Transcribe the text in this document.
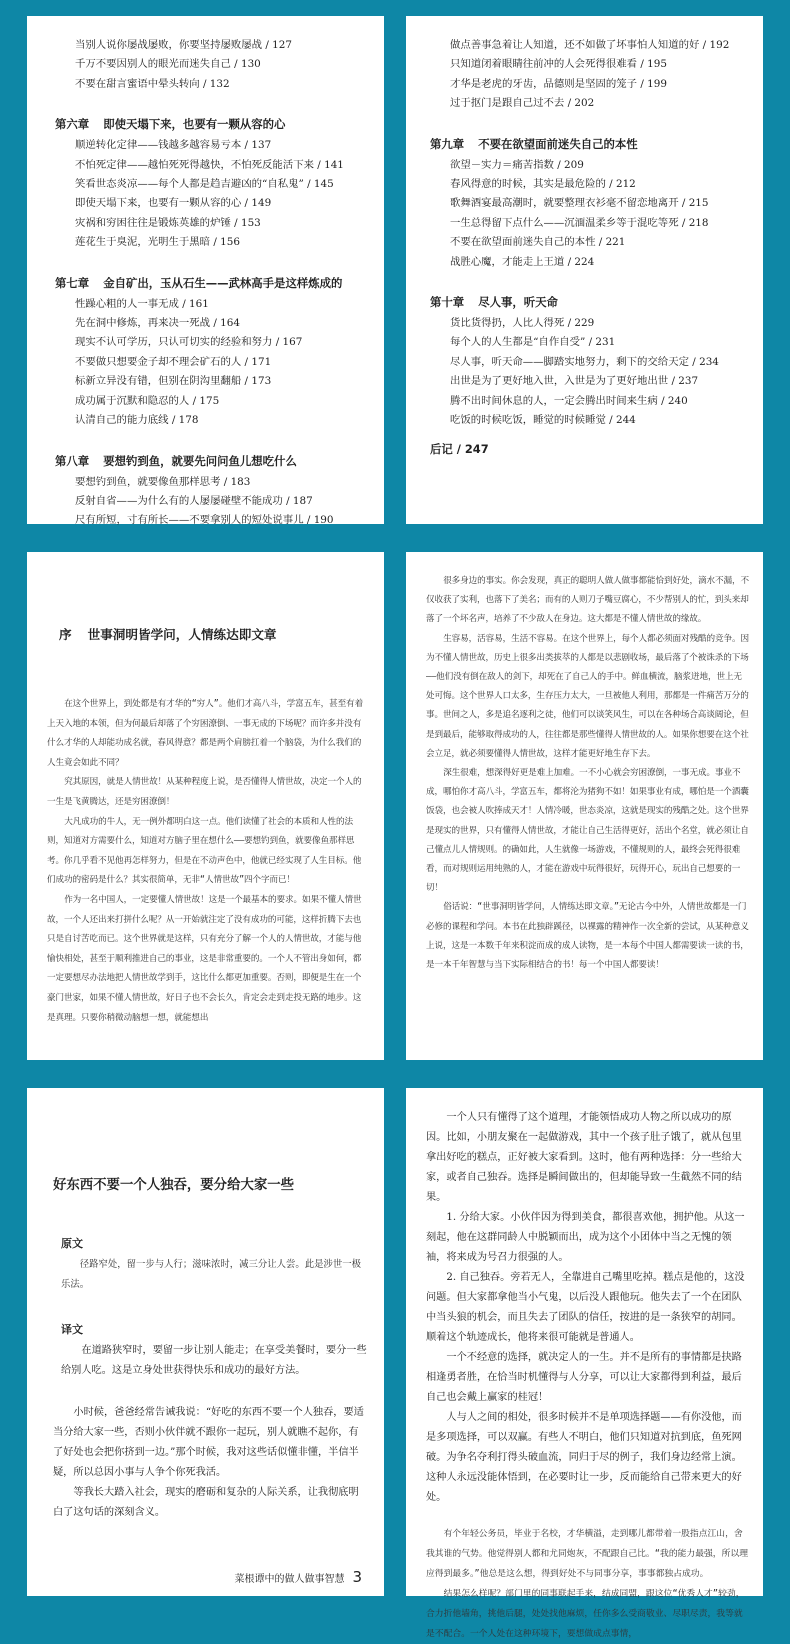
当别人说你屡战屡败，你要坚持屡败屡战 / 127
千万不要因别人的眼光而迷失自己 / 130
不要在甜言蜜语中晕头转向 / 132
第六章 即使天塌下来，也要有一颗从容的心
顺逆转化定律——钱越多越容易亏本 / 137
不怕死定律——越怕死死得越快，不怕死反能活下来 / 141
笑看世态炎凉——每个人都是趋吉避凶的“自私鬼” / 145
即使天塌下来，也要有一颗从容的心 / 149
灾祸和穷困往往是锻炼英雄的炉锤 / 153
莲花生于臭泥，光明生于黑暗 / 156
第七章 金自矿出，玉从石生——武林高手是这样炼成的
性躁心粗的人一事无成 / 161
先在洞中修炼，再来决一死战 / 164
现实不认可学历，只认可切实的经验和努力 / 167
不要做只想要金子却不理会矿石的人 / 171
标新立异没有错，但别在阴沟里翻船 / 173
成功属于沉默和隐忍的人 / 175
认清自己的能力底线 / 178
第八章 要想钓到鱼，就要先问问鱼儿想吃什么
要想钓到鱼，就要像鱼那样思考 / 183
反射自省——为什么有的人屡屡碰壁不能成功 / 187
尺有所短，寸有所长——不要拿别人的短处说事儿 / 190
做点善事急着让人知道，还不如做了坏事怕人知道的好 / 192
只知道闭着眼睛往前冲的人会死得很难看 / 195
才华是老虎的牙齿，品德则是坚固的笼子 / 199
过于抠门是跟自己过不去 / 202
第九章 不要在欲望面前迷失自己的本性
欲望－实力＝痛苦指数 / 209
春风得意的时候，其实是最危险的 / 212
歌舞酒宴最高潮时，就要整理衣衫毫不留恋地离开 / 215
一生总得留下点什么——沉湎温柔乡等于混吃等死 / 218
不要在欲望面前迷失自己的本性 / 221
战胜心魔，才能走上王道 / 224
第十章 尽人事，听天命
货比货得扔，人比人得死 / 229
每个人的人生都是“自作自受” / 231
尽人事，听天命——脚踏实地努力，剩下的交给天定 / 234
出世是为了更好地入世，入世是为了更好地出世 / 237
腾不出时间休息的人，一定会腾出时间来生病 / 240
吃饭的时候吃饭，睡觉的时候睡觉 / 244
后记 / 247
序 世事洞明皆学问，人情练达即文章

在这个世界上，到处都是有才华的“穷人”。他们才高八斗，学富五车，甚至有着上天入地的本领，但为何最后却落了个穷困潦倒、一事无成的下场呢？而许多并没有什么才华的人却能功成名就，春风得意？都是两个肩膀扛着一个脑袋，为什么我们的人生竟会如此不同？

究其原因，就是人情世故！从某种程度上说，是否懂得人情世故，决定一个人的一生是飞黄腾达，还是穷困潦倒！

大凡成功的牛人，无一例外都明白这一点。他们读懂了社会的本质和人性的法则，知道对方需要什么，知道对方脑子里在想什么——要想钓到鱼，就要像鱼那样思考。你几乎看不见他再怎样努力，但是在不动声色中，他就已经实现了人生目标。他们成功的密码是什么？其实很简单，无非“人情世故”四个字而已！

作为一名中国人，一定要懂人情世故！这是一个最基本的要求。如果不懂人情世故，一个人还出来打拼什么呢？从一开始就注定了没有成功的可能，这样折腾下去也只是自讨苦吃而已。这个世界就是这样，只有充分了解一个人的人情世故，才能与他愉快相处，甚至于顺利推进自己的事业，这是非常重要的。一个人不管出身如何，都一定要想尽办法地把人情世故学到手，这比什么都更加重要。否则，即便是生在一个豪门世家，如果不懂人情世故，好日子也不会长久，肯定会走到走投无路的地步。这是真理。只要你稍微动脑想一想，就能想出

很多身边的事实。你会发现，真正的聪明人做人做事都能恰到好处，滴水不漏，不仅收获了实利，也落下了美名；而有的人则刀子嘴豆腐心，不少帮别人的忙，到头来却落了一个坏名声，培养了不少敌人在身边。这大都是不懂人情世故的缘故。

生容易，活容易，生活不容易。在这个世界上，每个人都必须面对残酷的竞争。因为不懂人情世故，历史上很多出类拔萃的人都是以悲剧收场，最后落了个被诛杀的下场——他们没有倒在敌人的剑下，却死在了自己人的手中。鲜血横流，脑浆迸地，世上无处可悔。这个世界人口太多，生存压力太大，一旦被他人利用，那都是一件痛苦万分的事。世间之人，多是追名逐利之徒，他们可以谈笑风生，可以在各种场合高谈阔论，但是到最后，能够取得成功的人，往往都是那些懂得人情世故的人。如果你想要在这个社会立足，就必须要懂得人情世故，这样才能更好地生存下去。

深生很难，想深得好更是难上加难。一不小心就会穷困潦倒，一事无成。事业不成，哪怕你才高八斗，学富五车，都将沦为猪狗不如！如果事业有成，哪怕是一个酒囊饭袋，也会被人吹捧成天才！人情冷暖，世态炎凉，这就是现实的残酷之处。这个世界是现实的世界，只有懂得人情世故，才能让自己生活得更好，活出个名堂，就必须让自己懂点儿人情规则。的确如此，人生就像一场游戏，不懂规则的人，最终会死得很难看，而对规则运用纯熟的人，才能在游戏中玩得很好，玩得开心，玩出自己想要的一切！

俗话说：“世事洞明皆学问，人情练达即文章。”无论古今中外，人情世故都是一门必修的课程和学问。本书在此独辟蹊径，以裸露的精神作一次全新的尝试，从某种意义上说，这是一本数千年来积淀而成的成人读物，是一本每个中国人都需要读一读的书，是一本千年智慧与当下实际相结合的书！每一个中国人都要读！

好东西不要一个人独吞，要分给大家一些
原文

径路窄处，留一步与人行；滋味浓时，减三分让人尝。此是涉世一极乐法。

译文

在道路狭窄时，要留一步让别人能走；在享受美餐时，要分一些给别人吃。这是立身处世获得快乐和成功的最好方法。

小时候，爸爸经常告诫我说：“好吃的东西不要一个人独吞，要适当分给大家一些，否则小伙伴就不跟你一起玩，别人就瞧不起你，有了好处也会把你挤到一边。”那个时候，我对这些话似懂非懂，半信半疑，所以总因小事与人争个你死我活。

等我长大踏入社会，现实的磨砺和复杂的人际关系，让我彻底明白了这句话的深刻含义。

菜根谭中的做人做事智慧 3

一个人只有懂得了这个道理，才能领悟成功人物之所以成功的原因。比如，小朋友聚在一起做游戏，其中一个孩子肚子饿了，就从包里拿出好吃的糕点，正好被大家看到。这时，他有两种选择：分一些给大家，或者自己独吞。选择是瞬间做出的，但却能导致一生截然不同的结果。

1. 分给大家。小伙伴因为得到美食，都很喜欢他，拥护他。从这一刻起，他在这群同龄人中脱颖而出，成为这个小团体中当之无愧的领袖，将来成为号召力很强的人。

2. 自己独吞。旁若无人，全靠进自己嘴里吃掉。糕点是他的，这没问题。但大家都拿他当小气鬼，以后没人跟他玩。他失去了一个在团队中当头狼的机会，而且失去了团队的信任，按进的是一条狭窄的胡同。顺着这个轨迹成长，他将来很可能就是普通人。

一个不经意的选择，就决定人的一生。并不是所有的事情都是抉路相逢勇者胜，在恰当时机懂得与人分享，可以让大家都得到利益，最后自己也会戴上赢家的桂冠！

人与人之间的相处，很多时候并不是单项选择题——有你没他，而是多项选择，可以双赢。有些人不明白，他们只知道对抗到底，鱼死网破。为争名夺利打得头破血流，同归于尽的例子，我们身边经常上演。这种人永远没能体悟到，在必要时让一步，反而能给自己带来更大的好处。

有个年轻公务员，毕业于名校，才华横溢，走到哪儿都带着一股指点江山，舍我其谁的气势。他觉得别人都和尤同炮灰，不配跟自己比。“我的能力最强，所以理应得到最多。”他总是这么想，得到好处不与同事分享，事事都独占成功。

结果怎么样呢？部门里的同事联起手来，结成同盟，跟这位“优秀人才”较劲，合力折他墙角，挑他后腿，处处找他麻烦，任你多么受商敬业、尽职尽责，我等就是不配合。一个人处在这种环境下，要想做成点事情，
